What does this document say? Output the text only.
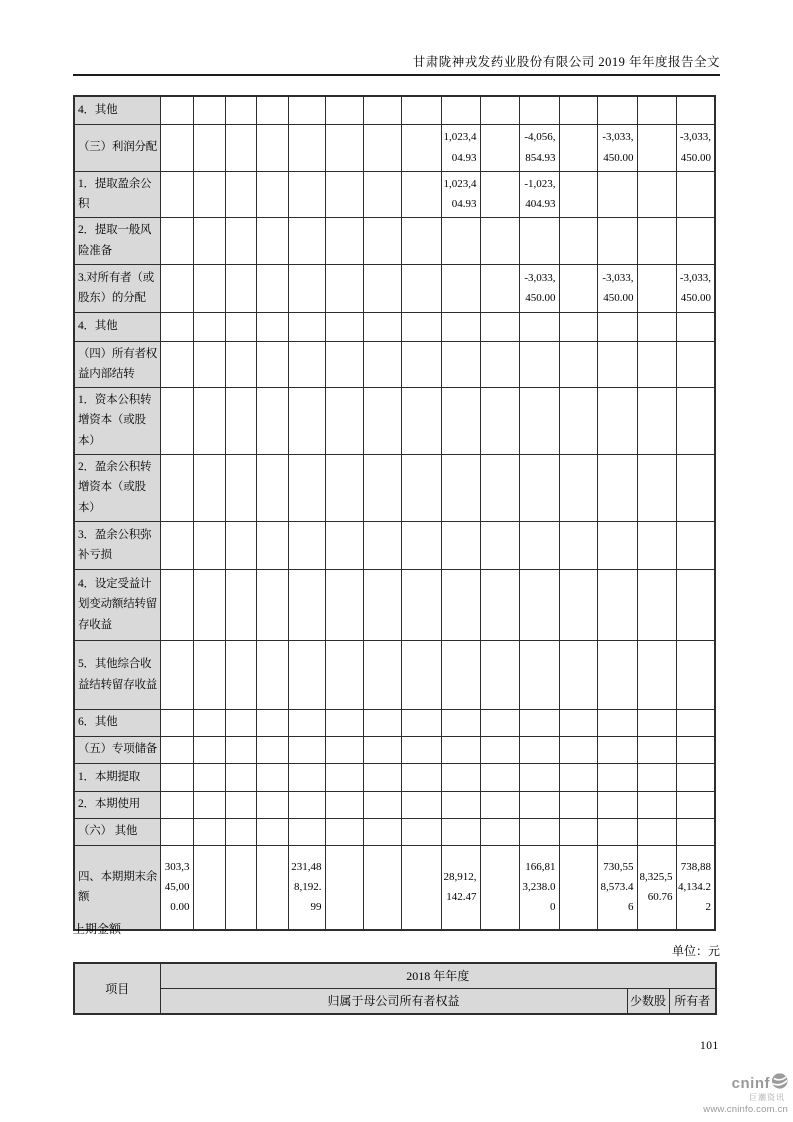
甘肃陇神戎发药业股份有限公司 2019 年年度报告全文
4．其他															
（三）利润分配									1,023,404.93		-4,056,854.93		-3,033,450.00		-3,033,450.00
1．提取盈余公积									1,023,404.93		-1,023,404.93				
2．提取一般风险准备															
3.对所有者（或股东）的分配											-3,033,450.00		-3,033,450.00		-3,033,450.00
4．其他															
（四）所有者权益内部结转															
1．资本公积转增资本（或股本）															
2．盈余公积转增资本（或股本）															
3．盈余公积弥补亏损															
4．设定受益计划变动额结转留存收益															
5．其他综合收益结转留存收益															
6．其他															
（五）专项储备															
1．本期提取															
2．本期使用															
（六） 其他															
四、本期期末余额	303,345,000.00				231,488,192.99				28,912,142.47		166,813,238.00		730,558,573.46	8,325,560.76	738,884,134.22
上期金额
单位：元
项目	2018 年年度		
	归属于母公司所有者权益	少数股	所有者
101
cninf
巨潮资讯
www.cninfo.com.cn
